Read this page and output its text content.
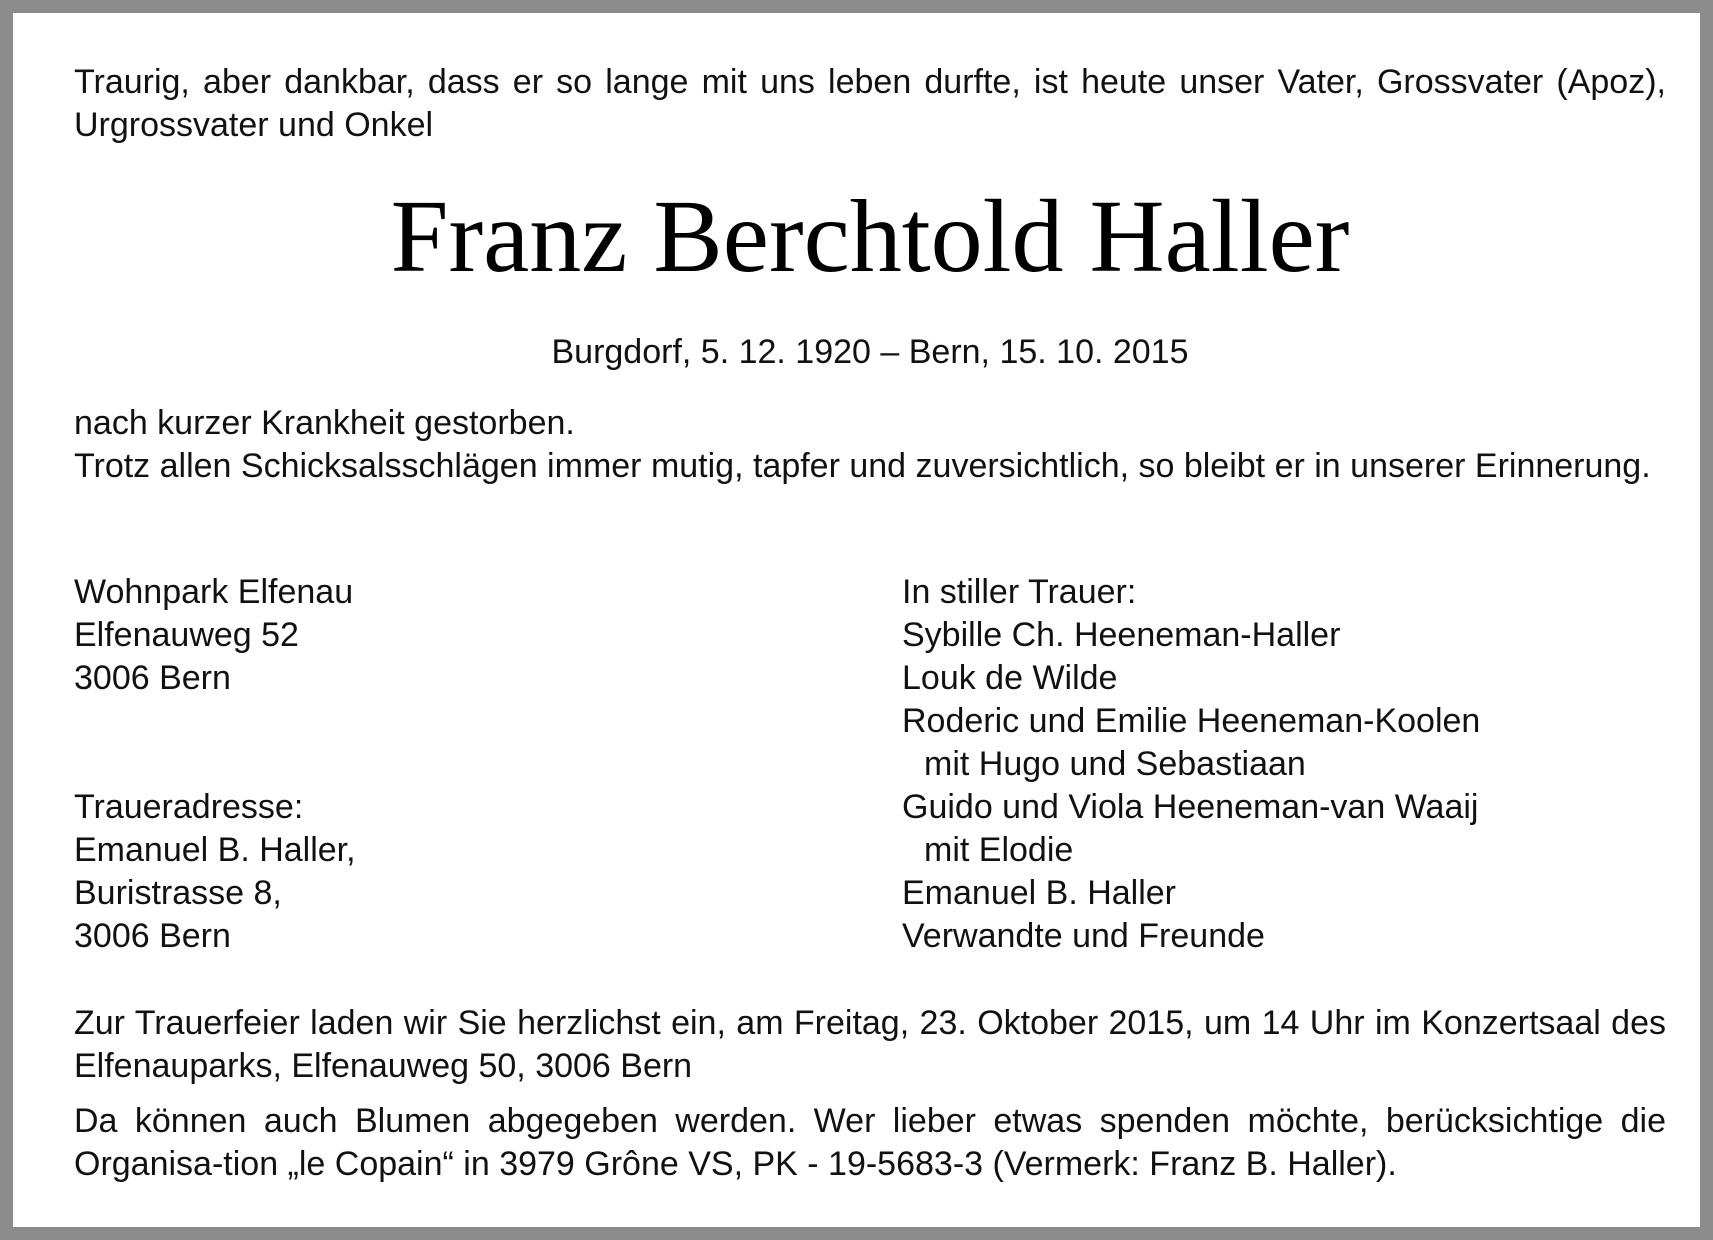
Traurig, aber dankbar, dass er so lange mit uns leben durfte, ist heute unser Vater, Grossvater (Apoz), Urgrossvater und Onkel

Franz Berchtold Haller

Burgdorf, 5. 12. 1920 – Bern, 15. 10. 2015

nach kurzer Krankheit gestorben.
Trotz allen Schicksalsschlägen immer mutig, tapfer und zuversichtlich, so bleibt er in unserer Erinnerung.

Wohnpark Elfenau
Elfenauweg 52
3006 Bern
Traueradresse:
Emanuel B. Haller,
Buristrasse 8,
3006 Bern
In stiller Trauer:
Sybille Ch. Heeneman-Haller
Louk de Wilde
Roderic und Emilie Heeneman-Koolen
mit Hugo und Sebastiaan
Guido und Viola Heeneman-van Waaij
mit Elodie
Emanuel B. Haller
Verwandte und Freunde

Zur Trauerfeier laden wir Sie herzlichst ein, am Freitag, 23. Oktober 2015, um 14 Uhr im Konzertsaal des Elfenauparks, Elfenauweg 50, 3006 Bern

Da können auch Blumen abgegeben werden. Wer lieber etwas spenden möchte, berücksichtige die Organisa-tion „le Copain“ in 3979 Grône VS, PK - 19-5683-3 (Vermerk: Franz B. Haller).
